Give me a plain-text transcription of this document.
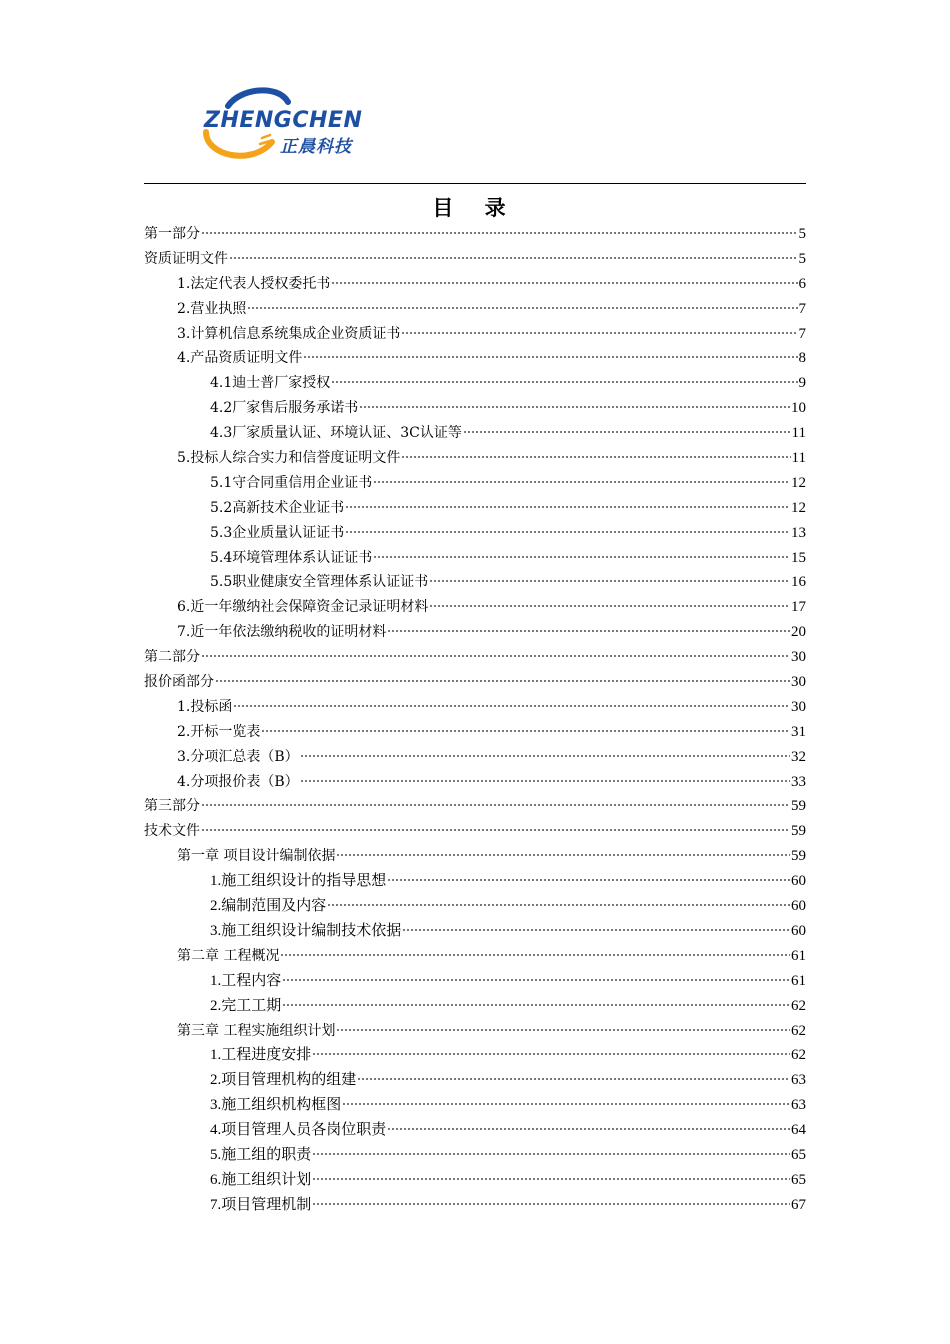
ZHENGCHEN
正晨科技
目 录
第一部分	5
资质证明文件	5
1.法定代表人授权委托书	6
2.营业执照	7
3.计算机信息系统集成企业资质证书	7
4.产品资质证明文件	8
4.1迪士普厂家授权	9
4.2厂家售后服务承诺书	10
4.3厂家质量认证、环境认证、3C认证等	11
5.投标人综合实力和信誉度证明文件	11
5.1守合同重信用企业证书	12
5.2高新技术企业证书	12
5.3企业质量认证证书	13
5.4环境管理体系认证证书	15
5.5职业健康安全管理体系认证证书	16
6.近一年缴纳社会保障资金记录证明材料	17
7.近一年依法缴纳税收的证明材料	20
第二部分	30
报价函部分	30
1.投标函	30
2.开标一览表	31
3.分项汇总表（B）	32
4.分项报价表（B）	33
第三部分	59
技术文件	59
第一章 项目设计编制依据	59
1.施工组织设计的指导思想	60
2.编制范围及内容	60
3.施工组织设计编制技术依据	60
第二章 工程概况	61
1.工程内容	61
2.完工工期	62
第三章 工程实施组织计划	62
1.工程进度安排	62
2.项目管理机构的组建	63
3.施工组织机构框图	63
4.项目管理人员各岗位职责	64
5.施工组的职责	65
6.施工组织计划	65
7.项目管理机制	67
